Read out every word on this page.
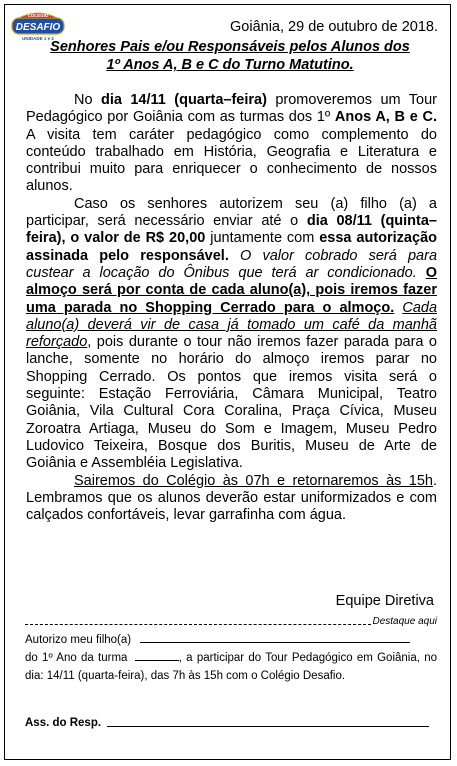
COLÉGIO
DESAFIO
UNIDADE 1 e 2
Goiânia, 29 de outubro de 2018.
Senhores Pais e/ou Responsáveis pelos Alunos dos
1º Anos A, B e C do Turno Matutino.

No dia 14/11 (quarta–feira) promoveremos um Tour Pedagógico por Goiânia com as turmas dos 1º Anos A, B e C. A visita tem caráter pedagógico como complemento do conteúdo trabalhado em História, Geografia e Literatura e contribui muito para enriquecer o conhecimento de nossos alunos.

Caso os senhores autorizem seu (a) filho (a) a participar, será necessário enviar até o dia 08/11 (quinta–feira), o valor de R$ 20,00 juntamente com essa autorização assinada pelo responsável. O valor cobrado será para custear a locação do Ônibus que terá ar condicionado. O almoço será por conta de cada aluno(a), pois iremos fazer uma parada no Shopping Cerrado para o almoço. Cada aluno(a) deverá vir de casa já tomado um café da manhã reforçado, pois durante o tour não iremos fazer parada para o lanche, somente no horário do almoço iremos parar no Shopping Cerrado. Os pontos que iremos visita será o seguinte: Estação Ferroviária, Câmara Municipal, Teatro Goiânia, Vila Cultural Cora Coralina, Praça Cívica, Museu Zoroatra Artiaga, Museu do Som e Imagem, Museu Pedro Ludovico Teixeira, Bosque dos Buritis, Museu de Arte de Goiânia e Assembléia Legislativa.

Sairemos do Colégio às 07h e retornaremos às 15h. Lembramos que os alunos deverão estar uniformizados e com calçados confortáveis, levar garrafinha com água.

Equipe Diretiva
Destaque aqui
Autorizo meu filho(a)
do 1º Ano da turma	, a participar do Tour Pedagógico em Goiânia, no dia: 14/11 (quarta-feira), das 7h às 15h com o Colégio Desafio.
Ass. do Resp.
